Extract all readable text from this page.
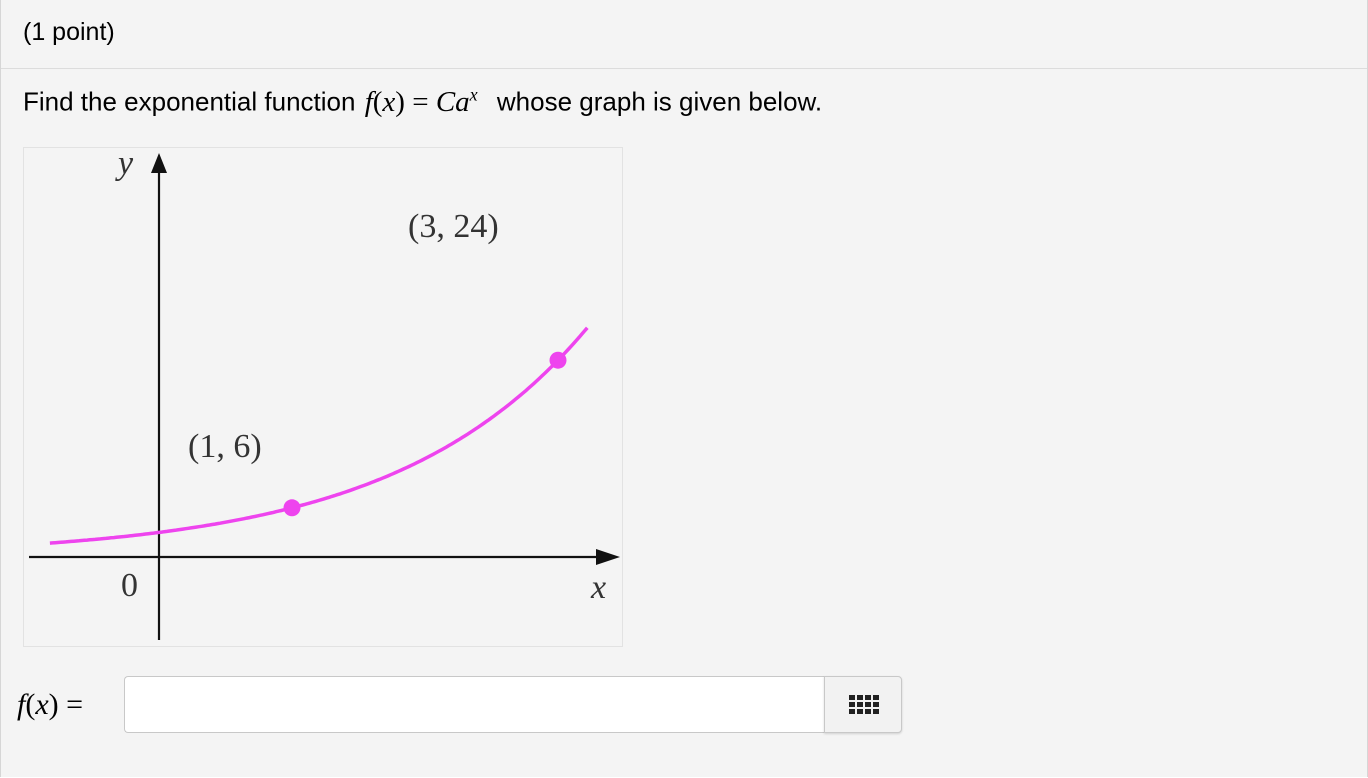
(1 point)
Find the exponential function $f(x) = Ca^x$ whose graph is given below.
y
x
0
(1, 6)
(3, 24)
f(x) =
